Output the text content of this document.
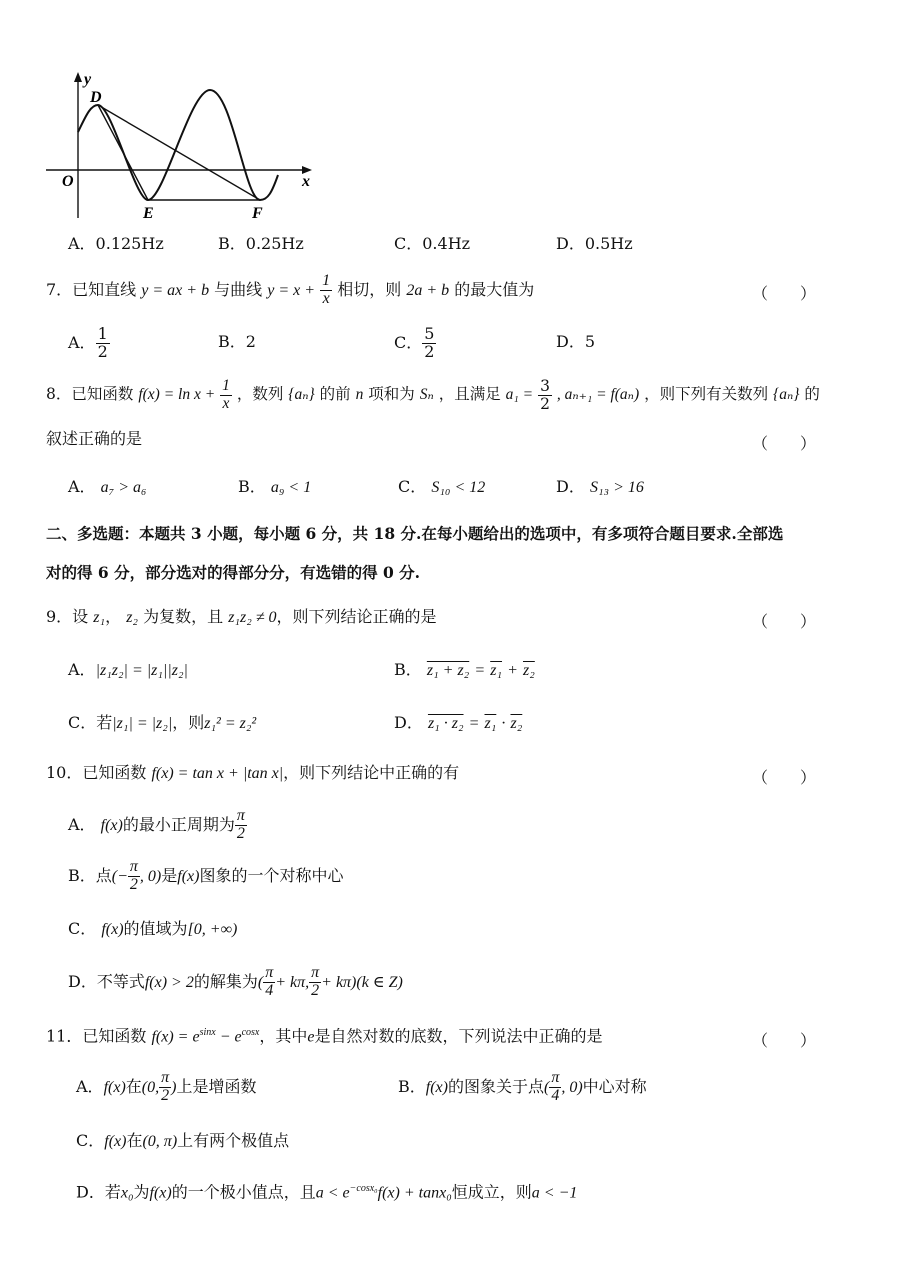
y
x
O
D
E	F
A．0.125Hz	B．0.25Hz	C．0.4Hz	D．0.5Hz
7．已知直线 y = ax + b 与曲线 $y = x + \frac{1}{x}$ 相切，则 2a + b 的最大值为	（　　）
A． $\frac{1}{2}$	B．2	C． $\frac{5}{2}$	D．5
8．已知函数 $f(x) = \ln x + \frac{1}{x}$ ，数列 {aₙ} 的前 n 项和为 Sₙ ，且满足 $a_1 = \frac{3}{2}$ , aₙ₊₁ = f(aₙ) ，则下列有关数列 {aₙ} 的
叙述正确的是	（　　）
A． a₇ > a₆	B． a₉ < 1	C． S₁₀ < 12	D． S₁₃ > 16
二、多选题：本题共 3 小题，每小题 6 分，共 18 分.在每小题给出的选项中，有多项符合题目要求.全部选
对的得 6 分，部分选对的得部分分，有选错的得 0 分.
9．设 z₁， z₂ 为复数，且 z₁z₂ ≠ 0，则下列结论正确的是	（　　）
A．|z₁z₂| = |z₁||z₂|	B． z₁ + z₂ = z₁ + z₂
C．若|z₁| = |z₂|，则z₁² = z₂²	D． z₁ · z₂ = z₁ · z₂
10．已知函数 f(x) = tan x + |tan x|，则下列结论中正确的有	（　　）
A． f(x)的最小正周期为 $\frac{\pi}{2}$
B．点(− $\frac{\pi}{2}$ , 0)是f(x)图象的一个对称中心
C． f(x)的值域为[0, +∞)
D．不等式f(x) > 2的解集为( $\frac{\pi}{4} + k\pi$, $\frac{\pi}{2} + k\pi)(k$ ∈ Z)
11．已知函数 $f(x) = e^{sinx} - e^{cosx}$，其中e是自然对数的底数，下列说法中正确的是	（　　）
A．f(x)在(0, $\frac{\pi}{2}$ )上是增函数	B．f(x)的图象关于点( $\frac{\pi}{4}$ , 0)中心对称
C．f(x)在(0, π)上有两个极值点
D．若x₀为f(x)的一个极小值点，且$a < e^{-cosx_0}f(x) + \tan x_0$恒成立，则a < −1
